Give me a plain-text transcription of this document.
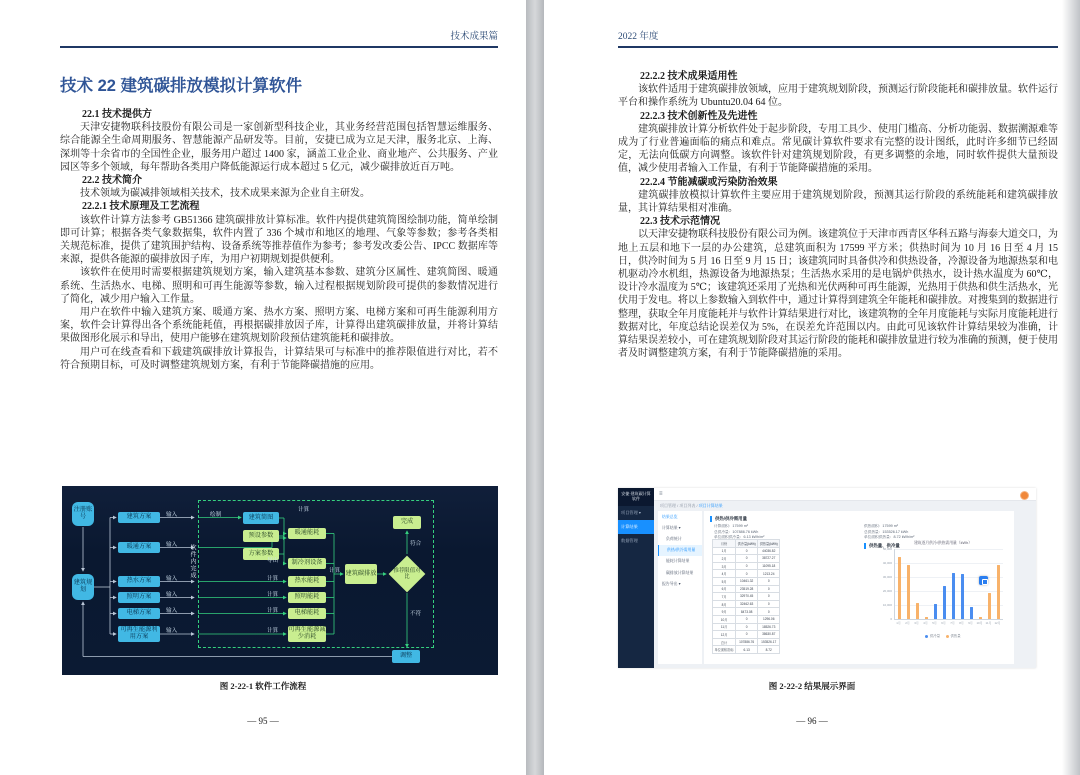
技术成果篇
技术 22 建筑碳排放模拟计算软件
22.1 技术提供方

天津安捷物联科技股份有限公司是一家创新型科技企业，其业务经营范围包括智慧运维服务、综合能源全生命周期服务、智慧能源产品研发等。目前，安捷已成为立足天津，服务北京、上海、深圳等十余省市的全国性企业，服务用户超过 1400 家，涵盖工业企业、商业地产、公共服务、产业园区等多个领域，每年帮助各类用户降低能源运行成本超过 5 亿元，减少碳排放近百万吨。

22.2 技术简介

技术领域为碳减排领域相关技术，技术成果来源为企业自主研发。

22.2.1 技术原理及工艺流程

该软件计算方法参考 GB51366 建筑碳排放计算标准。软件内提供建筑简图绘制功能，简单绘制即可计算；根据各类气象数据集，软件内置了 336 个城市和地区的地理、气象等参数；参考各类相关规范标准，提供了建筑围护结构、设备系统等推荐值作为参考；参考发改委公告、IPCC 数据库等来源，提供各能源的碳排放因子库，为用户初期规划提供便利。

该软件在使用时需要根据建筑规划方案，输入建筑基本参数、建筑分区属性、建筑简图、暖通系统、生活热水、电梯、照明和可再生能源等参数，输入过程根据规划阶段可提供的参数情况进行了简化，减少用户输入工作量。

用户在软件中输入建筑方案、暖通方案、热水方案、照明方案、电梯方案和可再生能源利用方案，软件会计算得出各个系统能耗值，再根据碳排放因子库，计算得出建筑碳排放量，并将计算结果做图形化展示和导出，使用户能够在建筑规划阶段预估建筑能耗和碳排放。

用户可在线查看和下载建筑碳排放计算报告，计算结果可与标准中的推荐限值进行对比，若不符合预期目标，可及时调整建筑规划方案，有利于节能降碳措施的应用。

软件内完成
注册账号
建筑规划
建筑方案
暖通方案
热水方案
照明方案
电梯方案
可再生能源利用方案
输入
输入
输入
输入
输入
输入
绘制	建筑简图
预设参数
方案参数
计算
导出
计算
计算
计算
计算
计算
暖通能耗
制冷剂设备
热水能耗
照明能耗
电梯能耗
可再生能源减少消耗
建筑碳排放	推荐限值对比
完成
符合
不符
调整
图 2-22-1 软件工作流程
— 95 —
2022 年度
22.2.2 技术成果适用性

该软件适用于建筑碳排放领域，应用于建筑规划阶段，预测运行阶段能耗和碳排放量。软件运行平台和操作系统为 Ubuntu20.04 64 位。

22.2.3 技术创新性及先进性

建筑碳排放计算分析软件处于起步阶段，专用工具少、使用门槛高、分析功能弱、数据溯源难等成为了行业普遍面临的痛点和难点。常见碳计算软件要求有完整的设计图纸，此时许多细节已经固定，无法向低碳方向调整。该软件针对建筑规划阶段，有更多调整的余地，同时软件提供大量预设值，减少使用者输入工作量，有利于节能降碳措施的采用。

22.2.4 节能减碳或污染防治效果

建筑碳排放模拟计算软件主要应用于建筑规划阶段，预测其运行阶段的系统能耗和建筑碳排放量，其计算结果相对准确。

22.3 技术示范情况

以天津安捷物联科技股份有限公司为例。该建筑位于天津市西青区华科五路与海泰大道交口，为地上五层和地下一层的办公建筑，总建筑面积为 17599 平方米；供热时间为 10 月 16 日至 4 月 15 日，供冷时间为 5 月 16 日至 9 月 15 日；该建筑同时具备供冷和供热设备，冷源设备为地源热泵和电机驱动冷水机组，热源设备为地源热泵；生活热水采用的是电锅炉供热水，设计热水温度为 60℃，设计冷水温度为 5℃；该建筑还采用了光热和光伏两种可再生能源，光热用于供热和供生活热水，光伏用于发电。将以上参数输入到软件中，通过计算得到建筑全年能耗和碳排放。对搜集到的数据进行整理，获取全年月度能耗并与软件计算结果进行对比，该建筑物的全年月度能耗与实际月度能耗进行数据对比，年度总结论误差仅为 5%，在误差允许范围以内。由此可见该软件计算结果较为准确，计算结果误差较小，可在建筑规划阶段对其运行阶段的能耗和碳排放量进行较为准确的预测，便于使用者及时调整建筑方案，有利于节能降碳措施的采用。

安捷·建筑碳计算软件
项目管理 ▾
计算结果
数据管理
≡
项目管理 / 项目列表 / 项目计算结果
结果总览
计算结果 ▾
负荷统计
供热/供冷需用量
能耗计算结果
碳排放计算结果
报告导出 ▾
供热/供冷需用量
计算面积：17599 m²
总供冷量：107886.76 kWh
单位面积供冷量：6.13 kWh/m²
供热面积：17599 m²
总供热量：153526.17 kWh
单位面积供热量：8.72 kWh/m²
月份	供冷量(kWh)	供热量(kWh)
1月	0	44036.82
2月	0	38727.27
3月	0	11095.18
4月	0	1213.24
5月	10461.32	0
6月	23519.28	0
7月	32970.45	0
8月	32462.63	0
9月	8473.08	0
10月	0	1296.06
11月	0	18526.73
12月	0	38630.87
总计	107886.76	153526.17
单位面积指标	6.13	8.72
供热量、供冷量	建筑逐月供冷/供热需用量（kWh）
供冷量	供热量
0
10,000
20,000
30,000
40,000
50,000
1月	2月	3月	4月	5月	6月	7月	8月	9月	10月	11月	12月
图 2-22-2 结果展示界面
— 96 —
